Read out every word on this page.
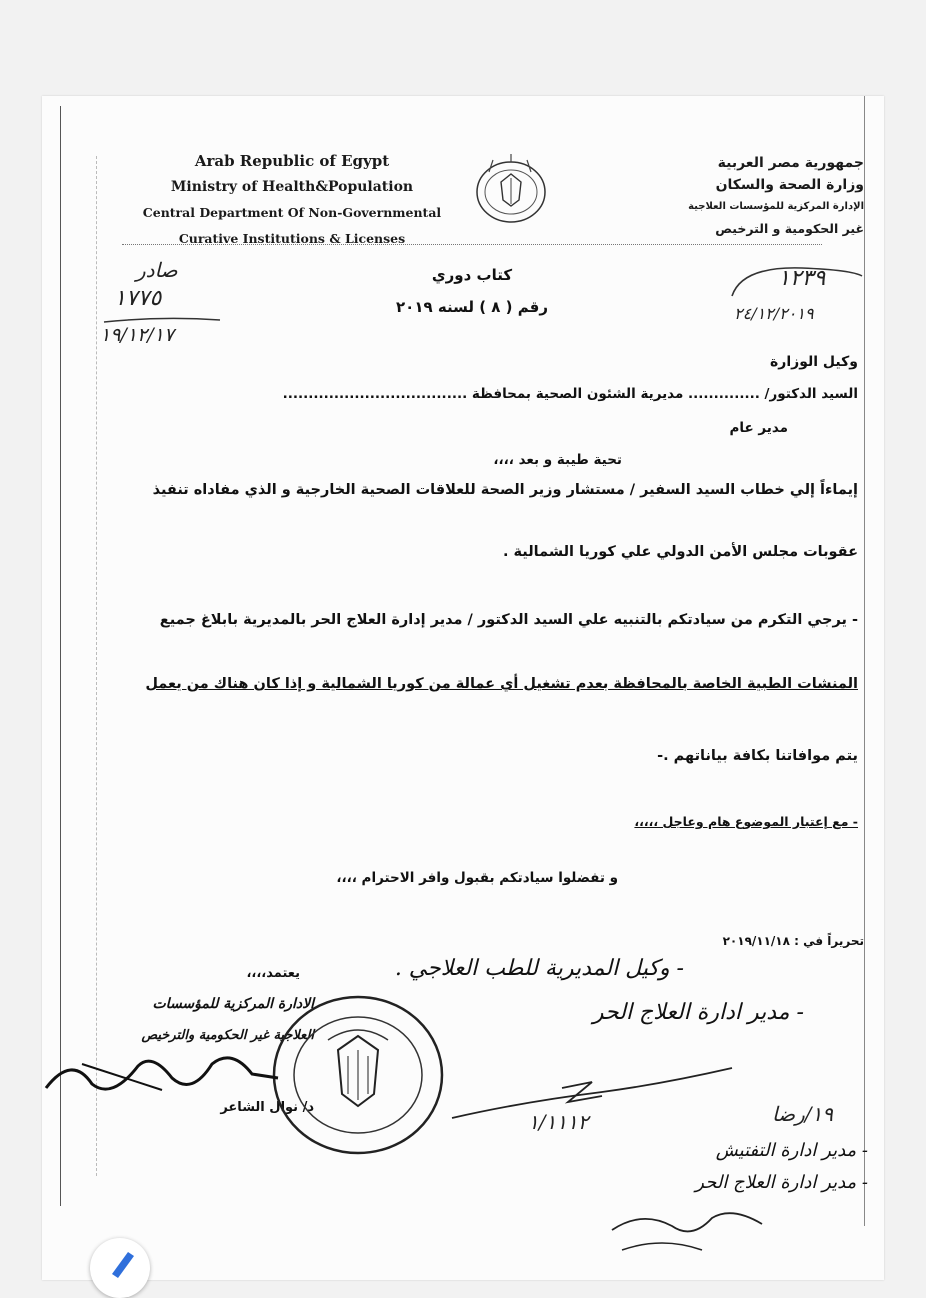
Arab Republic of Egypt
Ministry of Health&Population
Central Department Of Non-Governmental
Curative Institutions & Licenses
جمهورية مصر العربية
وزارة الصحة والسكان
الإدارة المركزية للمؤسسات العلاجية
غير الحكومية و الترخيص
صادر
١٧٧٥
١٩/١٢/١٧
١٢٣٩
٢٤/١٢/٢٠١٩
كتاب دوري
رقم ( ٨ ) لسنه ٢٠١٩
وكيل الوزارة
السيد الدكتور/ .............. مديرية الشئون الصحية بمحافظة ....................................
مدير عام
تحية طيبة و بعد ،،،،
إيماءاً إلي خطاب السيد السفير / مستشار وزير الصحة للعلاقات الصحية الخارجية و الذي مفاداه تنفيذ
عقوبات مجلس الأمن الدولي علي كوريا الشمالية .
- يرجي التكرم من سيادتكم بالتنبيه علي السيد الدكتور / مدير إدارة العلاج الحر بالمديرية بابلاغ جميع
المنشات الطبية الخاصة بالمحافظة بعدم تشغيل أي عمالة من كوريا الشمالية و إذا كان هناك من يعمل
يتم موافاتنا بكافة بياناتهم .-
- مع إعتبار الموضوع هام وعاجل ،،،،،
و تفضلوا سيادتكم بقبول وافر الاحترام ،،،،
تحريراً في : ٢٠١٩/١١/١٨
- وكيل المديرية للطب العلاجي .
- مدير ادارة العلاج الحر
يعتمد،،،،
الادارة المركزية للمؤسسات
العلاجية غير الحكومية والترخيص
د/ نوال الشاعر
١/١١١٢	١٩/رضا
- مدير ادارة التفتيش
- مدير ادارة العلاج الحر
